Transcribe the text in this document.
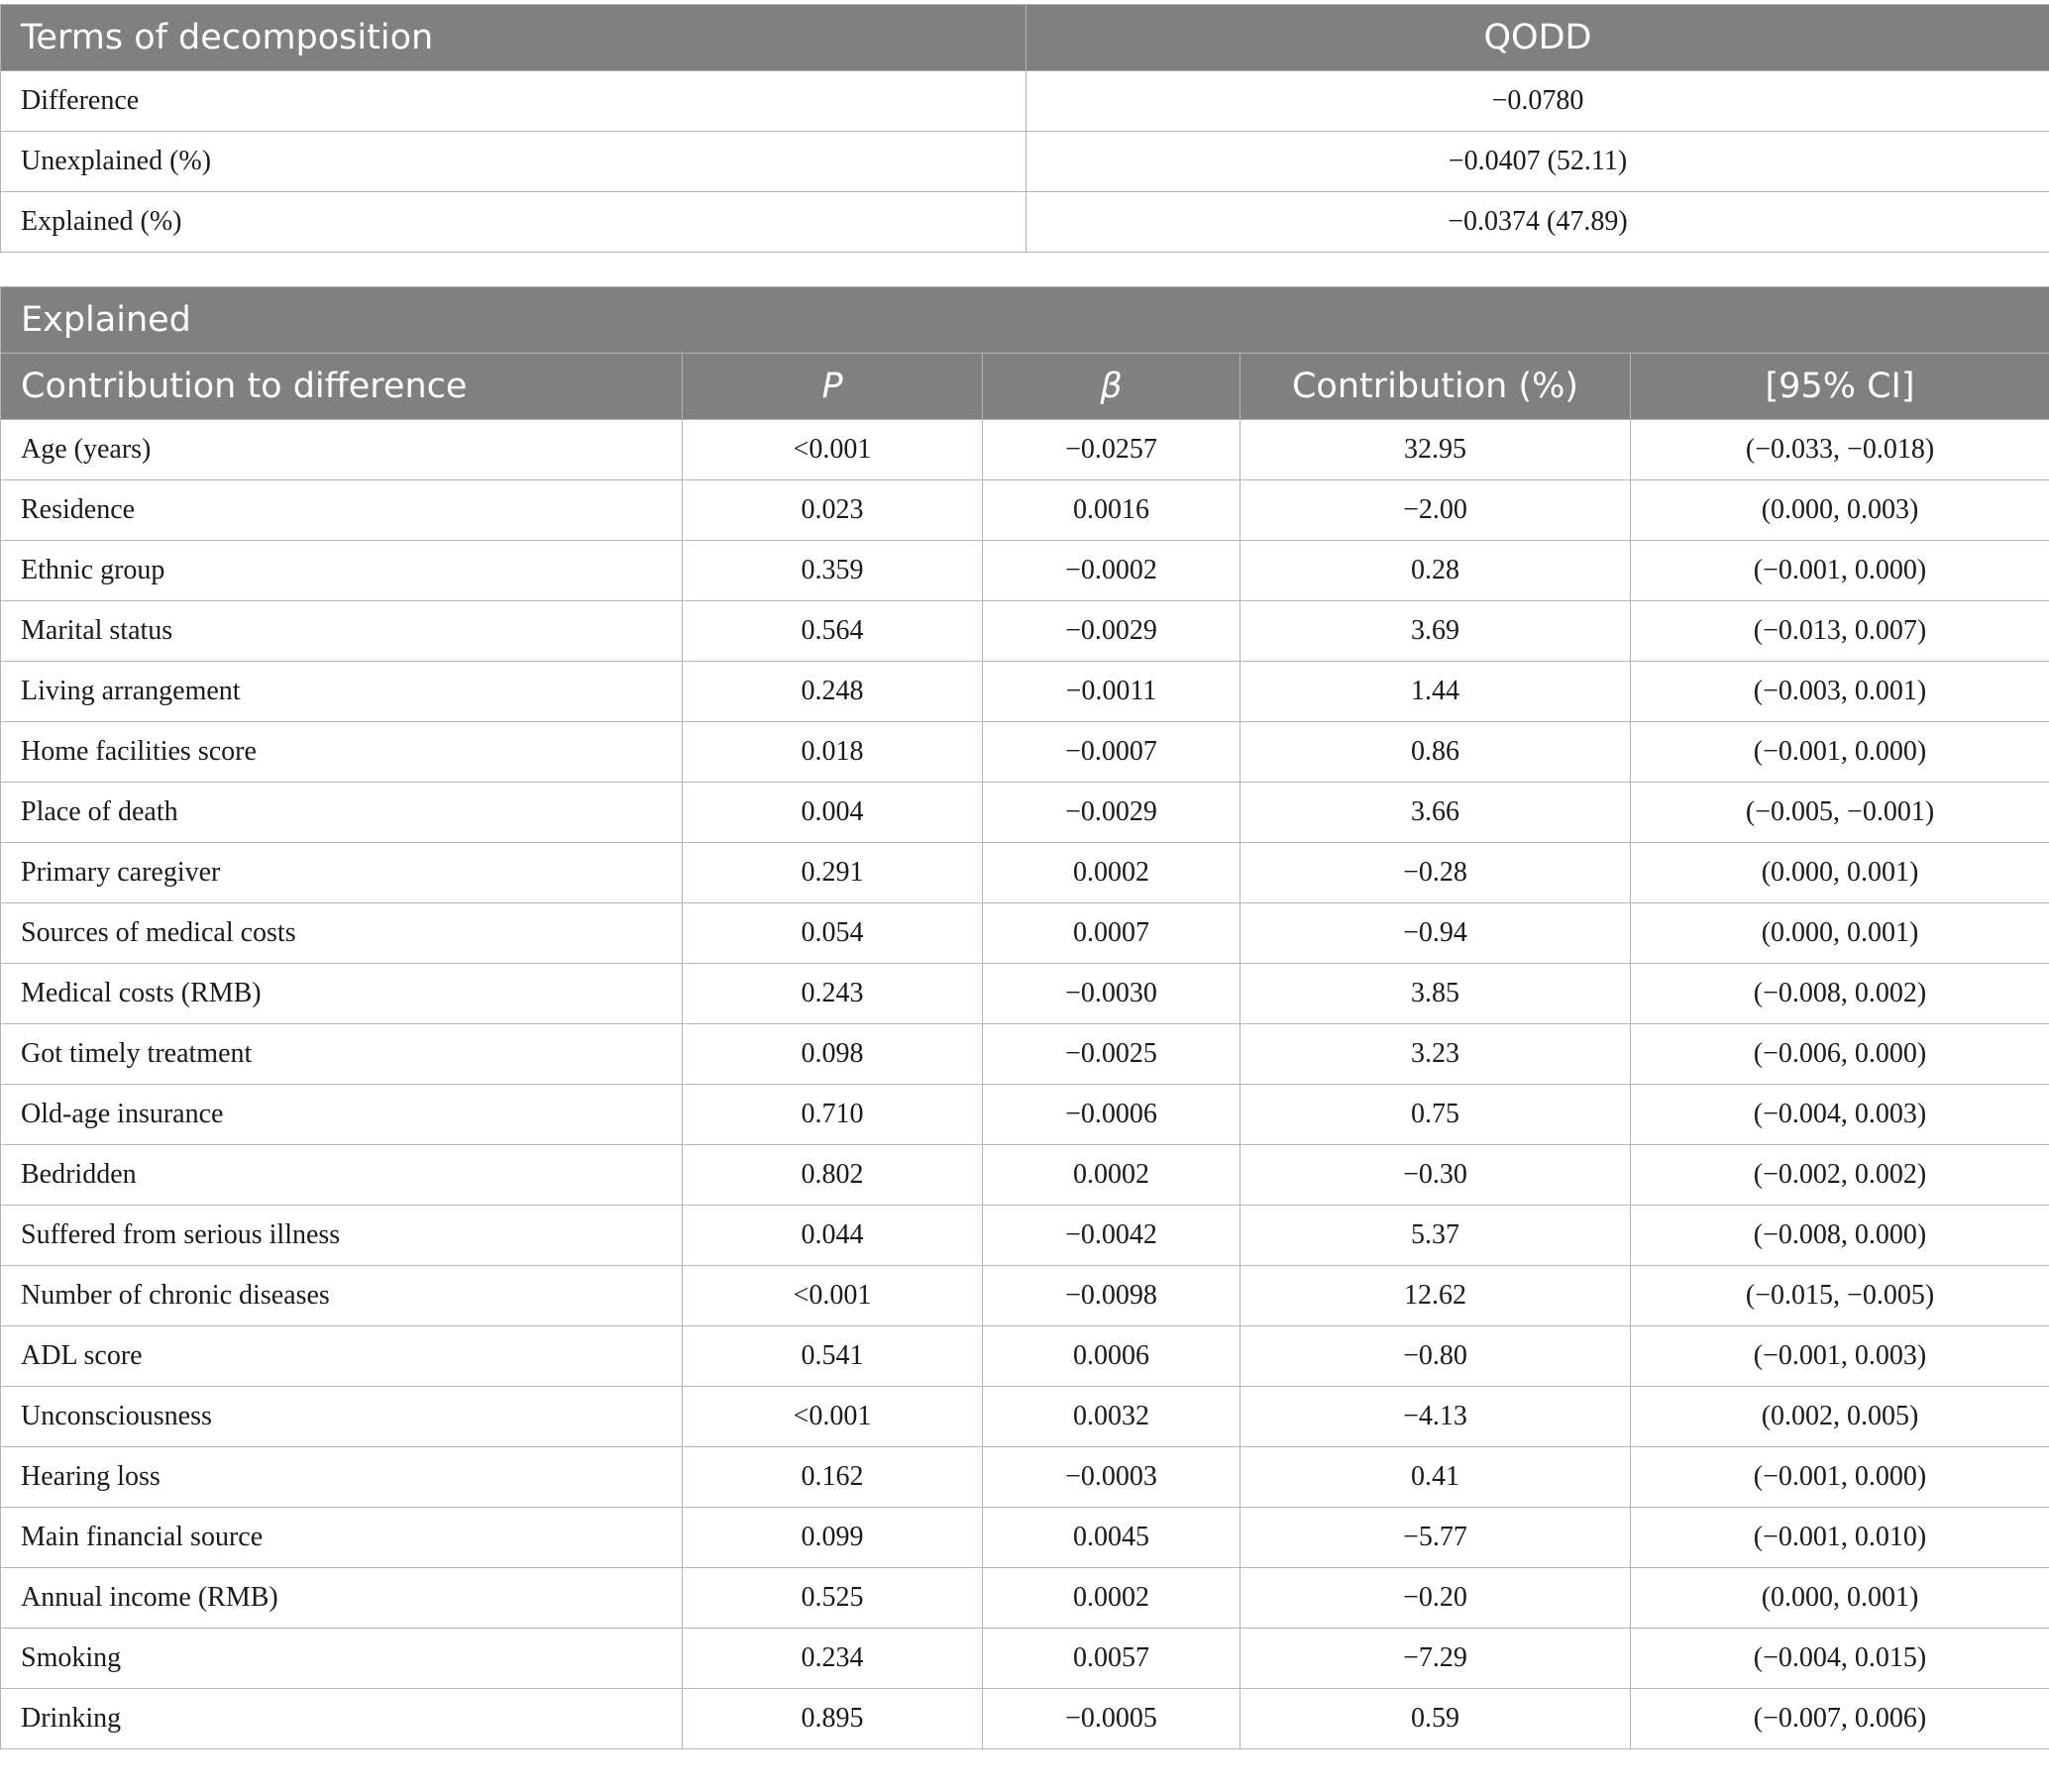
Terms of decomposition	QODD
Difference	−0.0780
Unexplained (%)	−0.0407 (52.11)
Explained (%)	−0.0374 (47.89)
Explained				
Contribution to difference	P	β	Contribution (%)	[95% CI]
Age (years)	<0.001	−0.0257	32.95	(−0.033, −0.018)
Residence	0.023	0.0016	−2.00	(0.000, 0.003)
Ethnic group	0.359	−0.0002	0.28	(−0.001, 0.000)
Marital status	0.564	−0.0029	3.69	(−0.013, 0.007)
Living arrangement	0.248	−0.0011	1.44	(−0.003, 0.001)
Home facilities score	0.018	−0.0007	0.86	(−0.001, 0.000)
Place of death	0.004	−0.0029	3.66	(−0.005, −0.001)
Primary caregiver	0.291	0.0002	−0.28	(0.000, 0.001)
Sources of medical costs	0.054	0.0007	−0.94	(0.000, 0.001)
Medical costs (RMB)	0.243	−0.0030	3.85	(−0.008, 0.002)
Got timely treatment	0.098	−0.0025	3.23	(−0.006, 0.000)
Old-age insurance	0.710	−0.0006	0.75	(−0.004, 0.003)
Bedridden	0.802	0.0002	−0.30	(−0.002, 0.002)
Suffered from serious illness	0.044	−0.0042	5.37	(−0.008, 0.000)
Number of chronic diseases	<0.001	−0.0098	12.62	(−0.015, −0.005)
ADL score	0.541	0.0006	−0.80	(−0.001, 0.003)
Unconsciousness	<0.001	0.0032	−4.13	(0.002, 0.005)
Hearing loss	0.162	−0.0003	0.41	(−0.001, 0.000)
Main financial source	0.099	0.0045	−5.77	(−0.001, 0.010)
Annual income (RMB)	0.525	0.0002	−0.20	(0.000, 0.001)
Smoking	0.234	0.0057	−7.29	(−0.004, 0.015)
Drinking	0.895	−0.0005	0.59	(−0.007, 0.006)
